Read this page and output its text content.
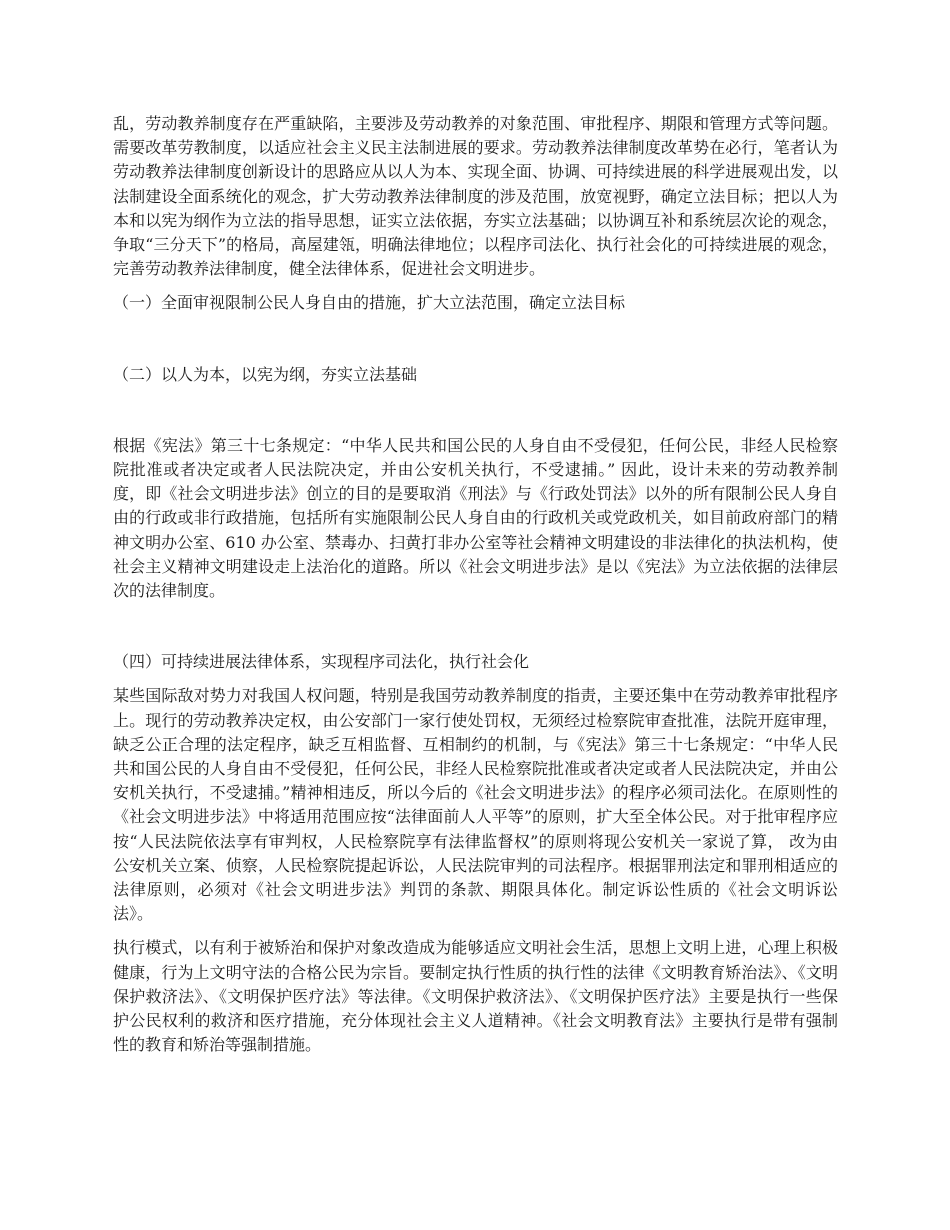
乱，劳动教养制度存在严重缺陷，主要涉及劳动教养的对象范围、审批程序、期限和管理方式等问题。需要改革劳教制度，以适应社会主义民主法制进展的要求。劳动教养法律制度改革势在必行，笔者认为劳动教养法律制度创新设计的思路应从以人为本、实现全面、协调、可持续进展的科学进展观出发，以法制建设全面系统化的观念，扩大劳动教养法律制度的涉及范围，放宽视野，确定立法目标；把以人为本和以宪为纲作为立法的指导思想，证实立法依据，夯实立法基础；以协调互补和系统层次论的观念，争取“三分天下”的格局，高屋建瓴，明确法律地位；以程序司法化、执行社会化的可持续进展的观念，完善劳动教养法律制度，健全法律体系，促进社会文明进步。

（一）全面审视限制公民人身自由的措施，扩大立法范围，确定立法目标

（二）以人为本，以宪为纲，夯实立法基础

根据《宪法》第三十七条规定：“中华人民共和国公民的人身自由不受侵犯，任何公民，非经人民检察院批准或者决定或者人民法院决定，并由公安机关执行，不受逮捕。” 因此，设计未来的劳动教养制度，即《社会文明进步法》创立的目的是要取消《刑法》与《行政处罚法》以外的所有限制公民人身自由的行政或非行政措施，包括所有实施限制公民人身自由的行政机关或党政机关，如目前政府部门的精神文明办公室、610 办公室、禁毒办、扫黄打非办公室等社会精神文明建设的非法律化的执法机构，使社会主义精神文明建设走上法治化的道路。所以《社会文明进步法》是以《宪法》为立法依据的法律层次的法律制度。

（四）可持续进展法律体系，实现程序司法化，执行社会化

某些国际敌对势力对我国人权问题，特别是我国劳动教养制度的指责，主要还集中在劳动教养审批程序上。现行的劳动教养决定权，由公安部门一家行使处罚权，无须经过检察院审查批准，法院开庭审理，缺乏公正合理的法定程序，缺乏互相监督、互相制约的机制，与《宪法》第三十七条规定：“中华人民共和国公民的人身自由不受侵犯，任何公民，非经人民检察院批准或者决定或者人民法院决定，并由公安机关执行，不受逮捕。”精神相违反，所以今后的《社会文明进步法》的程序必须司法化。在原则性的《社会文明进步法》中将适用范围应按“法律面前人人平等”的原则，扩大至全体公民。对于批审程序应按“人民法院依法享有审判权，人民检察院享有法律监督权”的原则将现公安机关一家说了算， 改为由公安机关立案、侦察，人民检察院提起诉讼，人民法院审判的司法程序。根据罪刑法定和罪刑相适应的法律原则，必须对《社会文明进步法》判罚的条款、期限具体化。制定诉讼性质的《社会文明诉讼法》。

执行模式，以有利于被矫治和保护对象改造成为能够适应文明社会生活，思想上文明上进，心理上积极健康，行为上文明守法的合格公民为宗旨。要制定执行性质的执行性的法律《文明教育矫治法》、《文明保护救济法》、《文明保护医疗法》等法律。《文明保护救济法》、《文明保护医疗法》主要是执行一些保护公民权利的救济和医疗措施，充分体现社会主义人道精神。《社会文明教育法》主要执行是带有强制性的教育和矫治等强制措施。
